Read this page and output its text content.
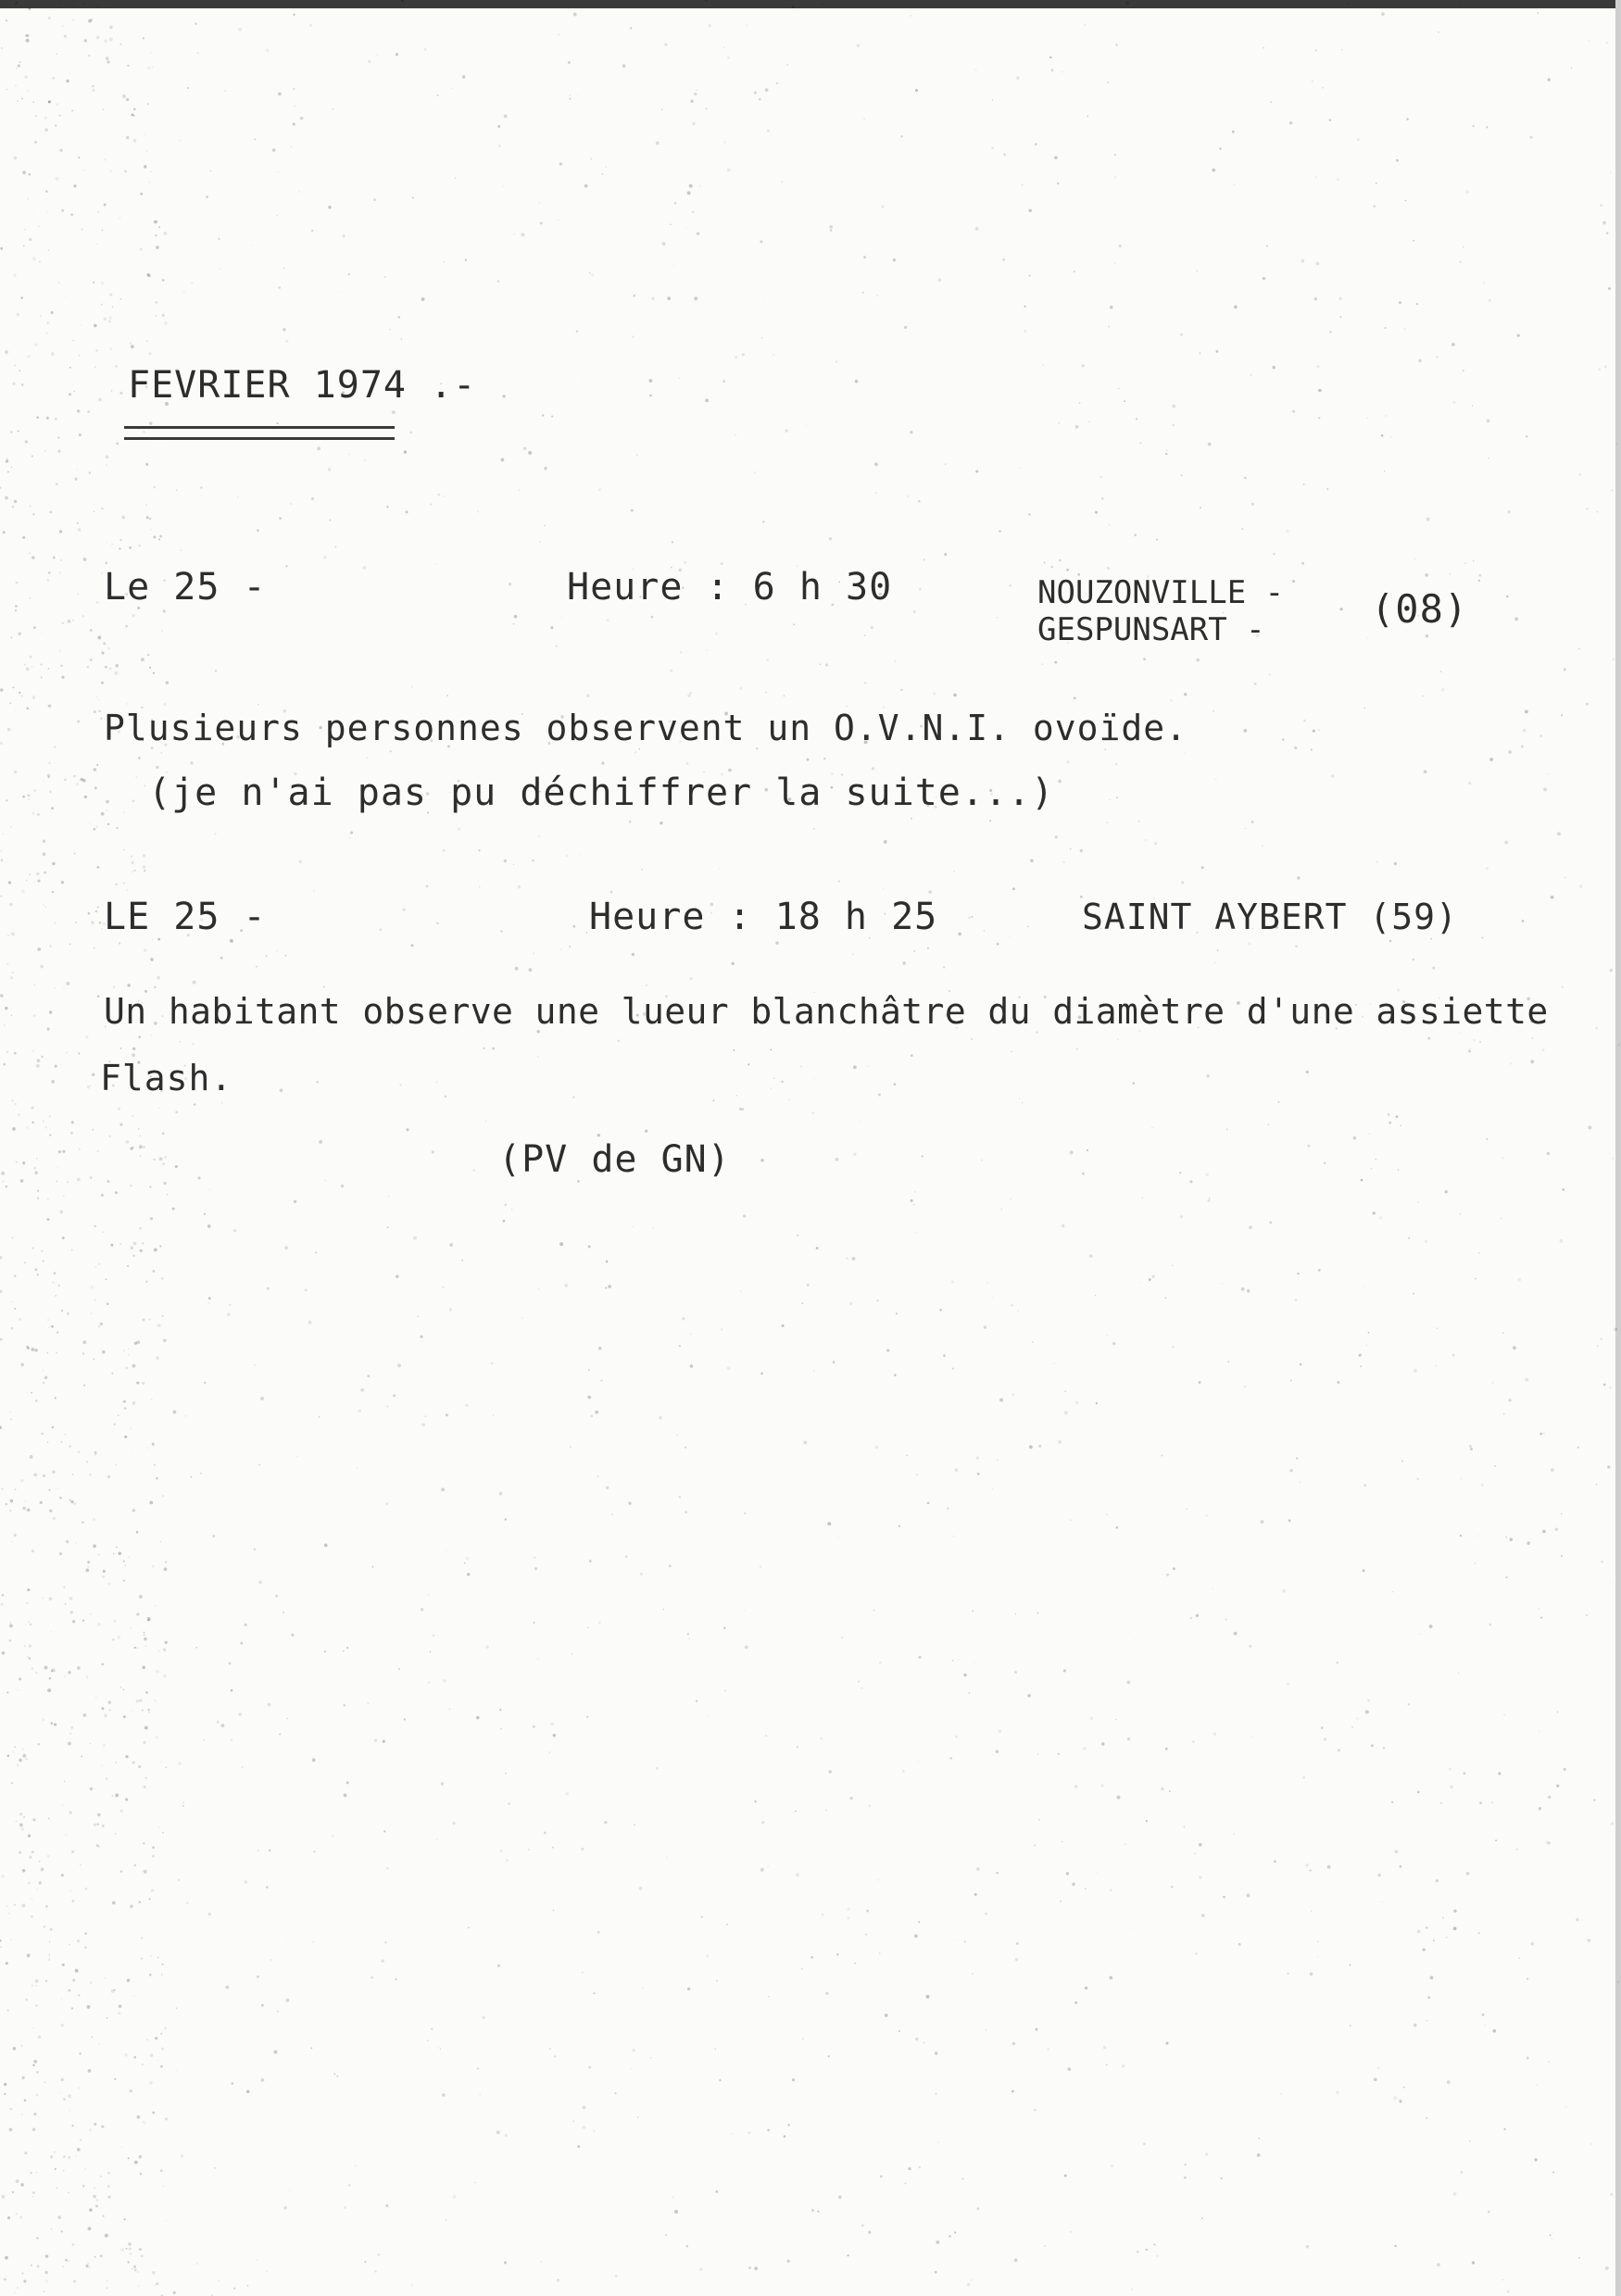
FEVRIER 1974 .-
Le 25 -	Heure : 6 h 30	NOUZONVILLE -
GESPUNSART -	(08)
Plusieurs personnes observent un O.V.N.I. ovoïde.
(je n'ai pas pu déchiffrer la suite...)
LE 25 -	Heure : 18 h 25	SAINT AYBERT (59)
Un habitant observe une lueur blanchâtre du diamètre d'une assiette
Flash.
(PV de GN)
